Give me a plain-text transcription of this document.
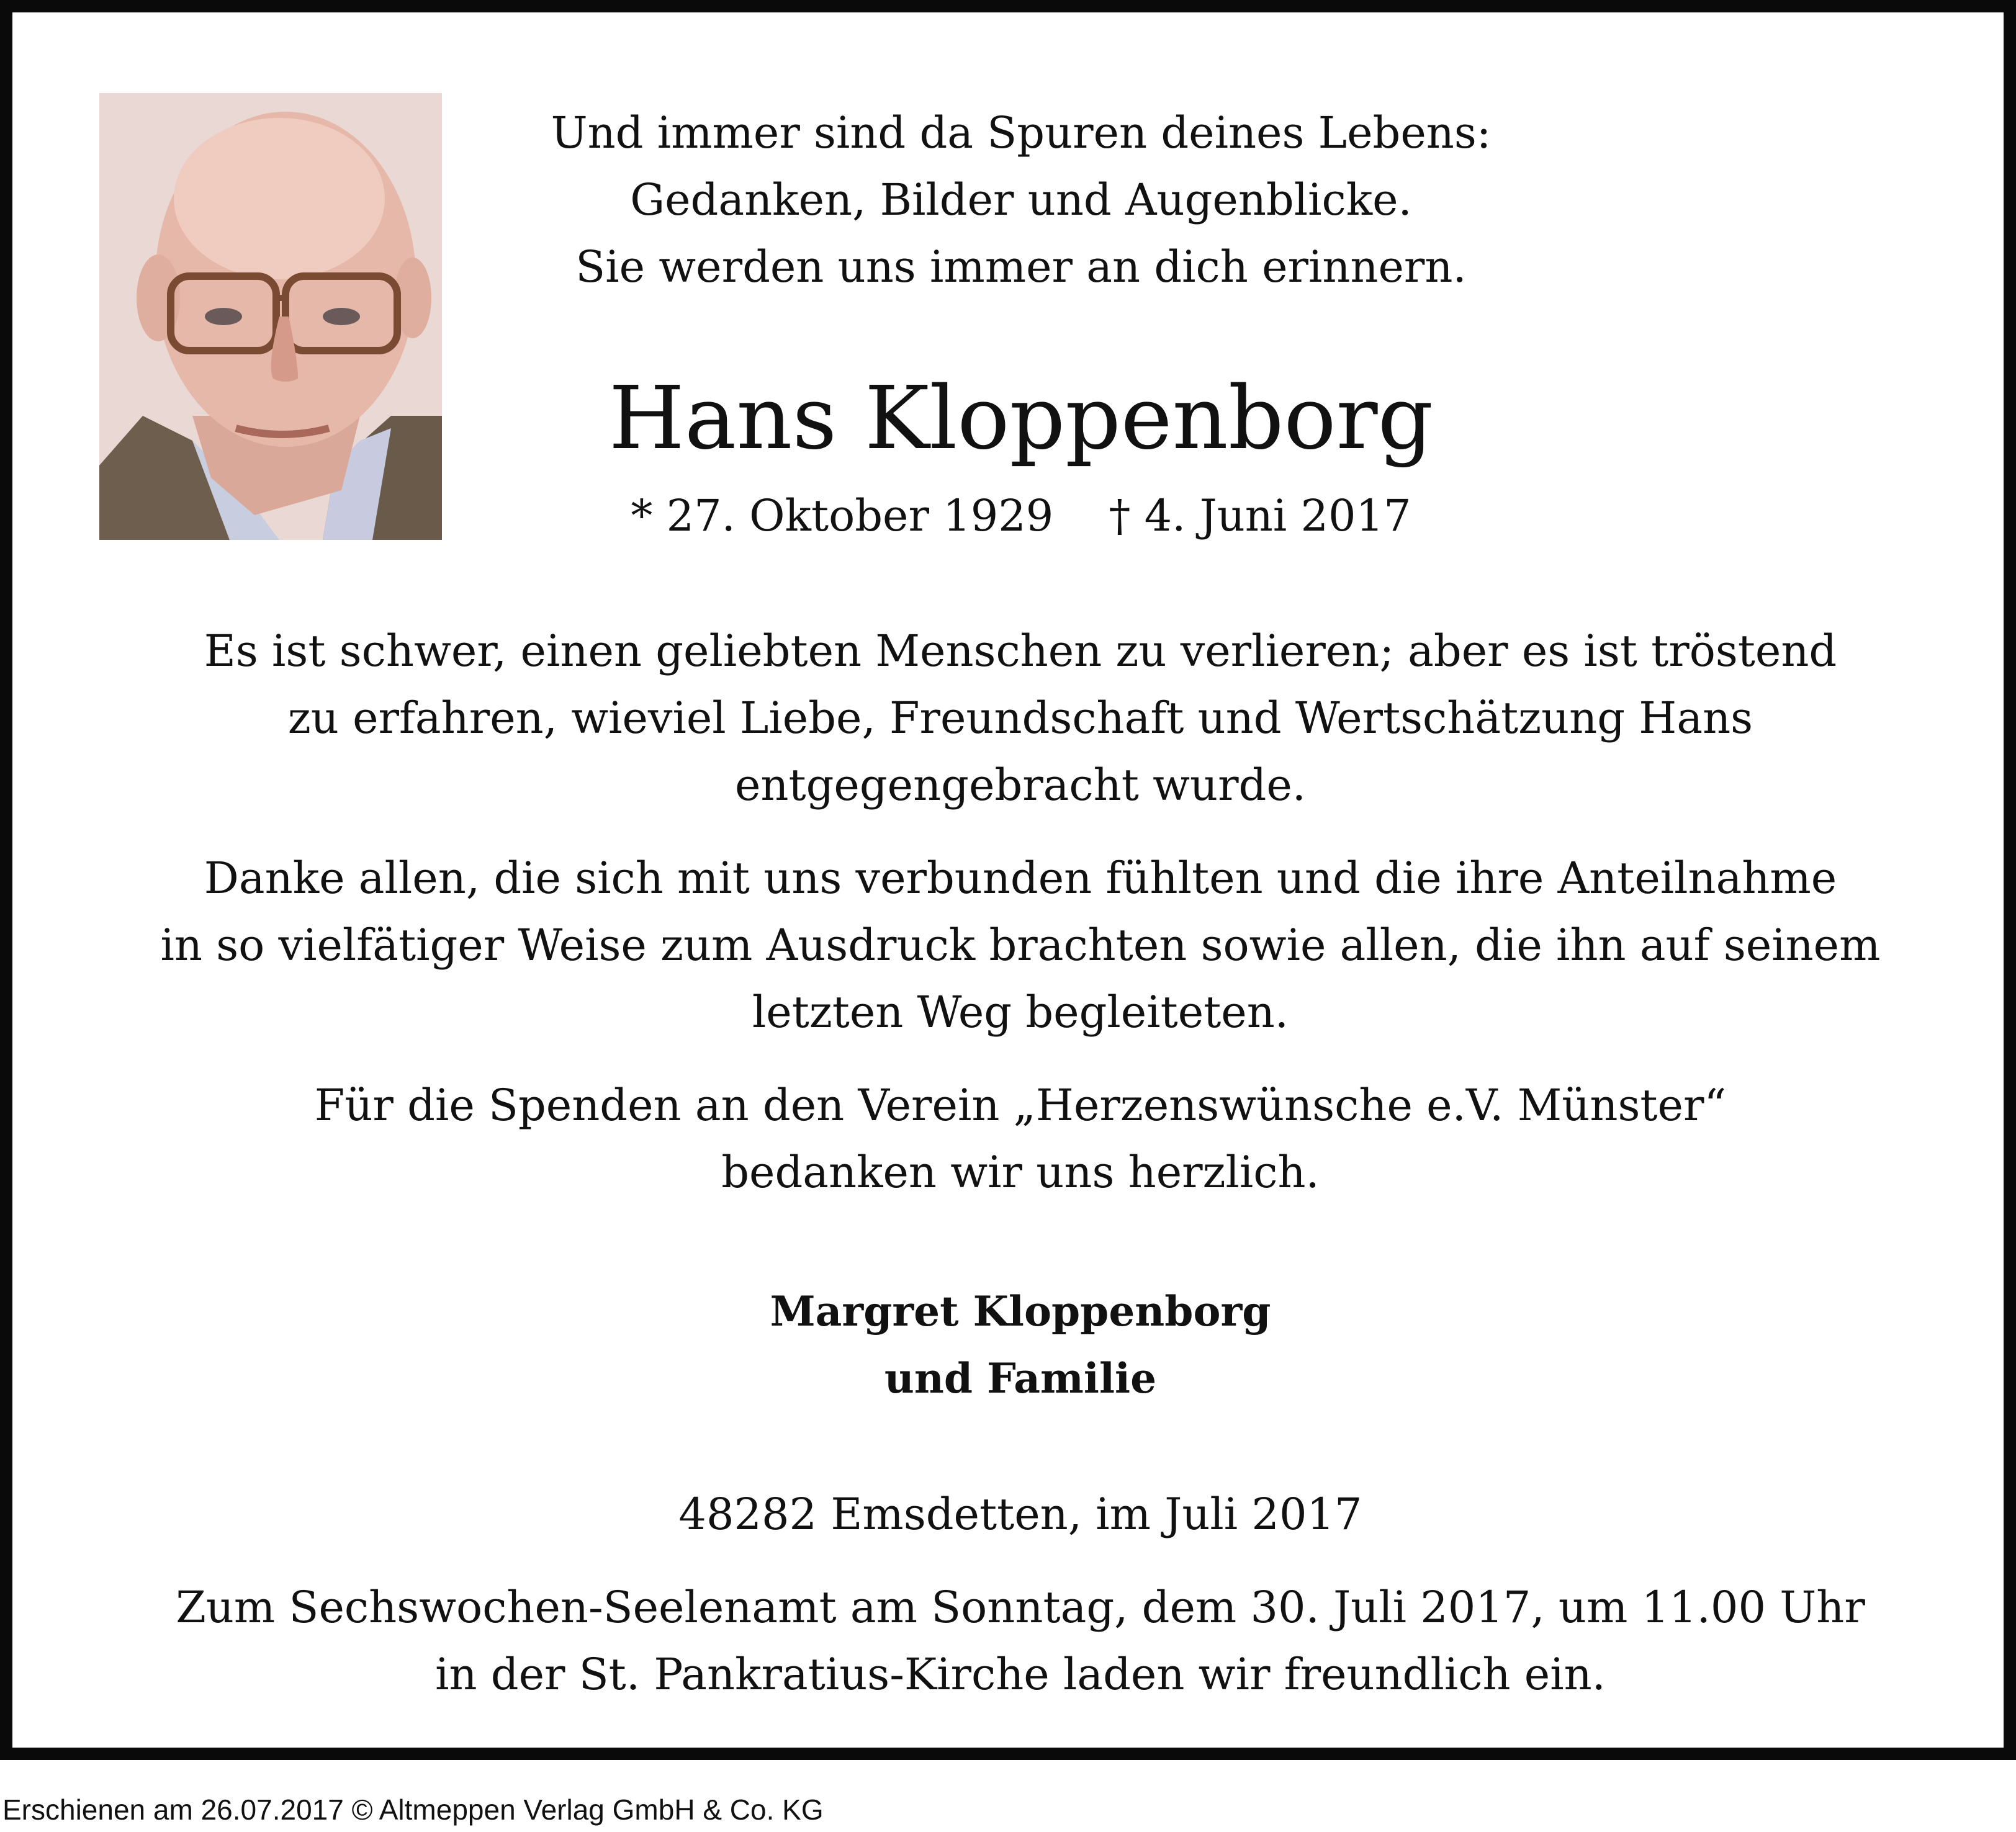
Und immer sind da Spuren deines Lebens:

Gedanken, Bilder und Augenblicke.

Sie werden uns immer an dich erinnern.

Hans Kloppenborg

* 27. Oktober 1929    † 4. Juni 2017

Es ist schwer, einen geliebten Menschen zu verlieren; aber es ist tröstend

zu erfahren, wieviel Liebe, Freundschaft und Wertschätzung Hans

entgegengebracht wurde.

Danke allen, die sich mit uns verbunden fühlten und die ihre Anteilnahme

in so vielfätiger Weise zum Ausdruck brachten sowie allen, die ihn auf seinem

letzten Weg begleiteten.

Für die Spenden an den Verein „Herzenswünsche e.V. Münster“

bedanken wir uns herzlich.

Margret Kloppenborg

und Familie

48282 Emsdetten, im Juli 2017

Zum Sechswochen-Seelenamt am Sonntag, dem 30. Juli 2017, um 11.00 Uhr

in der St. Pankratius-Kirche laden wir freundlich ein.

Erschienen am 26.07.2017 © Altmeppen Verlag GmbH & Co. KG
